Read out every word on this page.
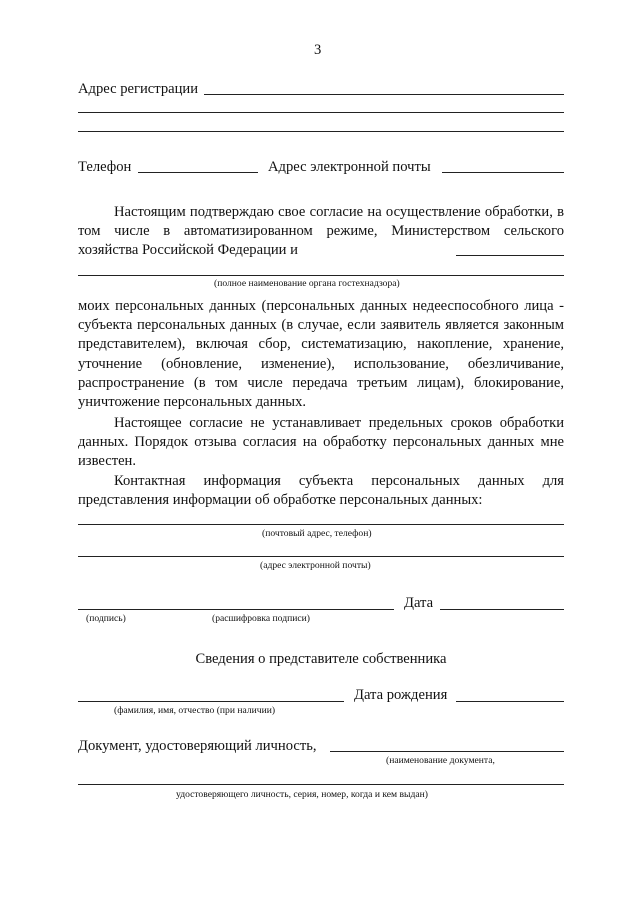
3
Адрес регистрации
Телефон	Адрес электронной почты
Настоящим подтверждаю свое согласие на осуществление обработки, в том числе в автоматизированном режиме, Министерством сельского хозяйства Российской Федерации и
(полное наименование органа гостехнадзора)
моих персональных данных (персональных данных недееспособного лица - субъекта персональных данных (в случае, если заявитель является законным представителем), включая сбор, систематизацию, накопление, хранение, уточнение (обновление, изменение), использование, обезличивание, распространение (в том числе передача третьим лицам), блокирование, уничтожение персональных данных.
Настоящее согласие не устанавливает предельных сроков обработки данных. Порядок отзыва согласия на обработку персональных данных мне известен.
Контактная информация субъекта персональных данных для представления информации об обработке персональных данных:
(почтовый адрес, телефон)
(адрес электронной почты)
Дата
(подпись)	(расшифровка подписи)
Сведения о представителе собственника
Дата рождения
(фамилия, имя, отчество (при наличии)
Документ, удостоверяющий личность,
(наименование документа,
удостоверяющего личность, серия, номер, когда и кем выдан)
